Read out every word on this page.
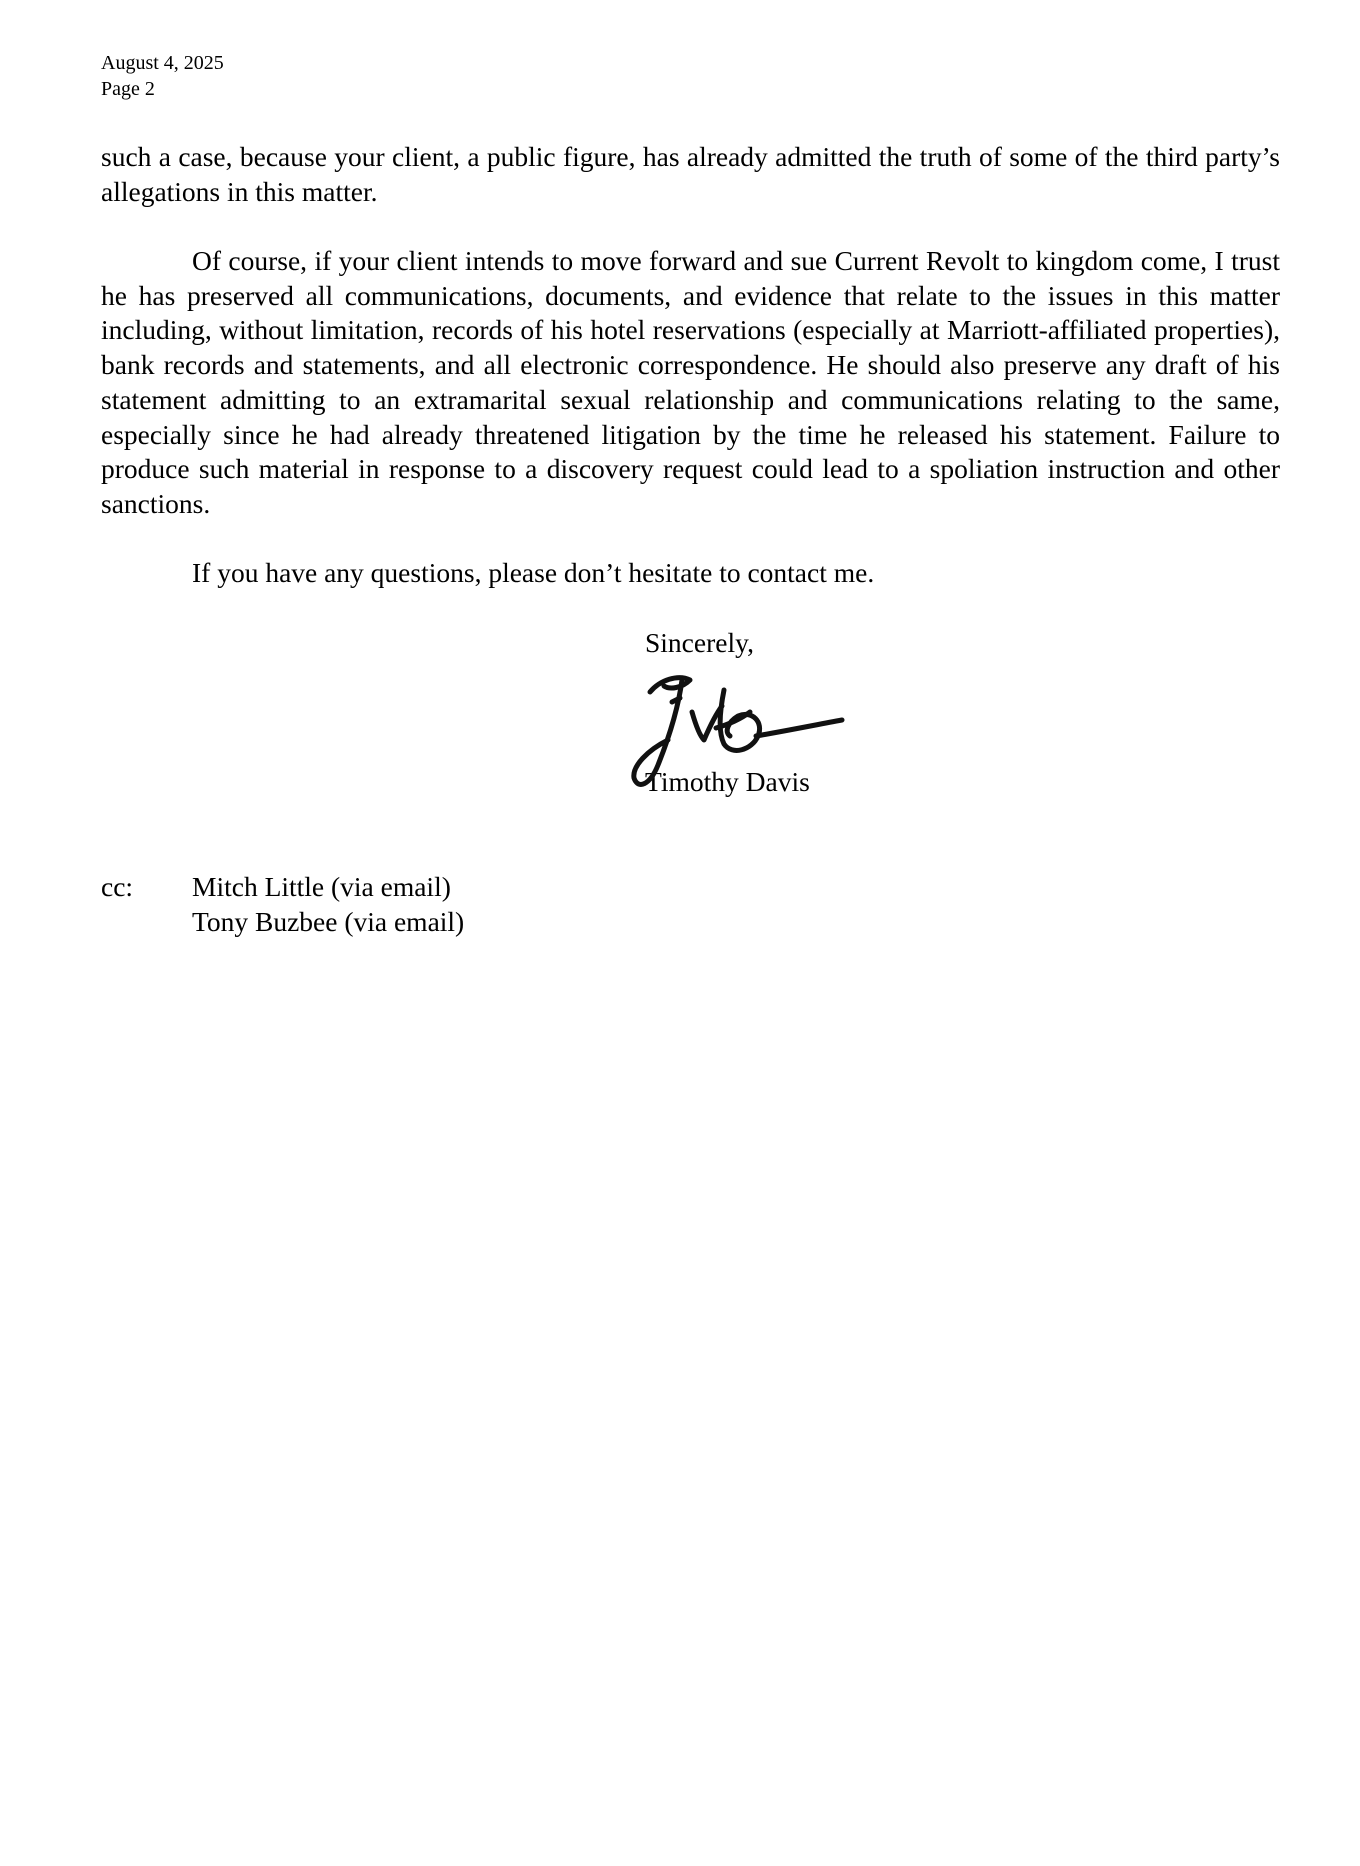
August 4, 2025
Page 2
such a case, because your client, a public figure, has already admitted the truth of some of the third party’s allegations in this matter.
Of course, if your client intends to move forward and sue Current Revolt to kingdom come, I trust he has preserved all communications, documents, and evidence that relate to the issues in this matter including, without limitation, records of his hotel reservations (especially at Marriott-affiliated properties), bank records and statements, and all electronic correspondence. He should also preserve any draft of his statement admitting to an extramarital sexual relationship and communications relating to the same, especially since he had already threatened litigation by the time he released his statement. Failure to produce such material in response to a discovery request could lead to a spoliation instruction and other sanctions.
If you have any questions, please don’t hesitate to contact me.
Sincerely,
Timothy Davis
cc: Mitch Little (via email)
Tony Buzbee (via email)
